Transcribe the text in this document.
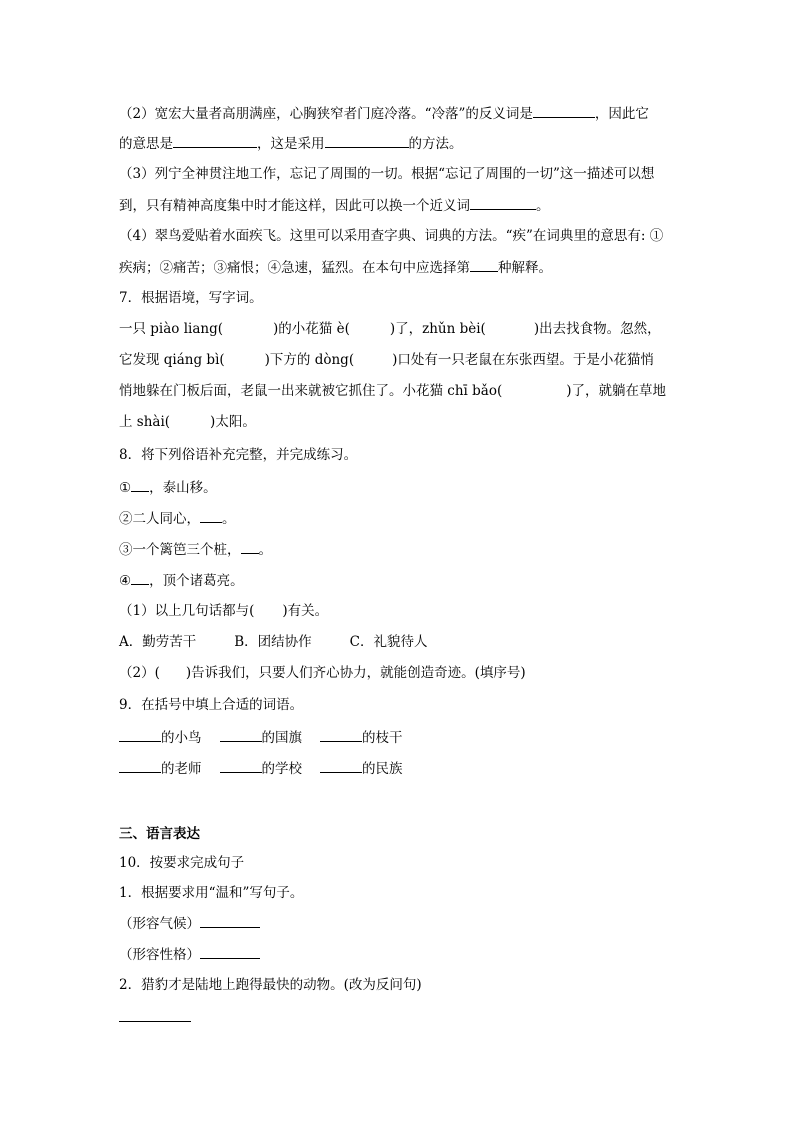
（2）宽宏大量者高朋满座，心胸狭窄者门庭冷落。“冷落”的反义词是	，因此它
的意思是	，这是采用	的方法。
（3）列宁全神贯注地工作，忘记了周围的一切。根据“忘记了周围的一切”这一描述可以想
到，只有精神高度集中时才能这样，因此可以换一个近义词	。
（4）翠鸟爱贴着水面疾飞。这里可以采用查字典、词典的方法。“疾”在词典里的意思有: ①
疾病；②痛苦；③痛恨；④急速，猛烈。在本句中应选择第 种解释。
7．根据语境，写字词。
一只 piào liang(	)的小花猫 è(	)了，zhǔn bèi(	)出去找食物。忽然，
它发现 qiáng bì(	)下方的 dòng(	)口处有一只老鼠在东张西望。于是小花猫悄
悄地躲在门板后面，老鼠一出来就被它抓住了。小花猫 chī bǎo(	)了，就躺在草地
上 shài(	)太阳。
8．将下列俗语补充完整，并完成练习。
① ，泰山移。
②二人同心， 。
③一个篱笆三个桩， 。
④ ，顶个诸葛亮。
（1）以上几句话都与( )有关。
A．勤劳苦干	B．团结协作	C．礼貌待人
（2）( )告诉我们，只要人们齐心协力，就能创造奇迹。(填序号)
9．在括号中填上合适的词语。
的小鸟	的国旗	的枝干
的老师	的学校	的民族
三、语言表达
10．按要求完成句子
1．根据要求用“温和”写句子。
（形容气候）
（形容性格）
2．猎豹才是陆地上跑得最快的动物。(改为反问句)
